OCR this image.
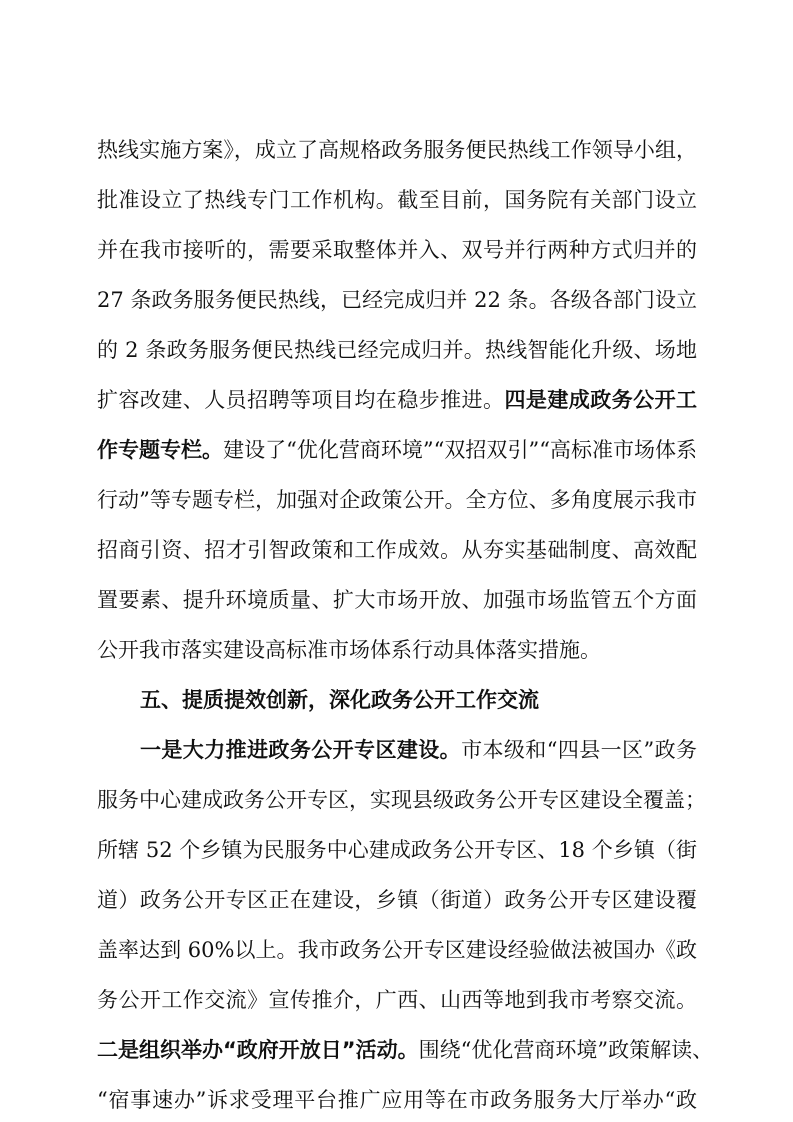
热线实施方案》，成立了高规格政务服务便民热线工作领导小组，
批准设立了热线专门工作机构。截至目前，国务院有关部门设立
并在我市接听的，需要采取整体并入、双号并行两种方式归并的
27 条政务服务便民热线，已经完成归并 22 条。各级各部门设立
的 2 条政务服务便民热线已经完成归并。热线智能化升级、场地
扩容改建、人员招聘等项目均在稳步推进。四是建成政务公开工
作专题专栏。建设了“优化营商环境”“双招双引”“高标准市场体系
行动”等专题专栏，加强对企政策公开。全方位、多角度展示我市
招商引资、招才引智政策和工作成效。从夯实基础制度、高效配
置要素、提升环境质量、扩大市场开放、加强市场监管五个方面
公开我市落实建设高标准市场体系行动具体落实措施。
五、提质提效创新，深化政务公开工作交流
一是大力推进政务公开专区建设。市本级和“四县一区”政务
服务中心建成政务公开专区，实现县级政务公开专区建设全覆盖；
所辖 52 个乡镇为民服务中心建成政务公开专区、18 个乡镇（街
道）政务公开专区正在建设，乡镇（街道）政务公开专区建设覆
盖率达到 60%以上。我市政务公开专区建设经验做法被国办《政
务公开工作交流》宣传推介，广西、山西等地到我市考察交流。
二是组织举办“政府开放日”活动。围绕“优化营商环境”政策解读、
“宿事速办”诉求受理平台推广应用等在市政务服务大厅举办“政
